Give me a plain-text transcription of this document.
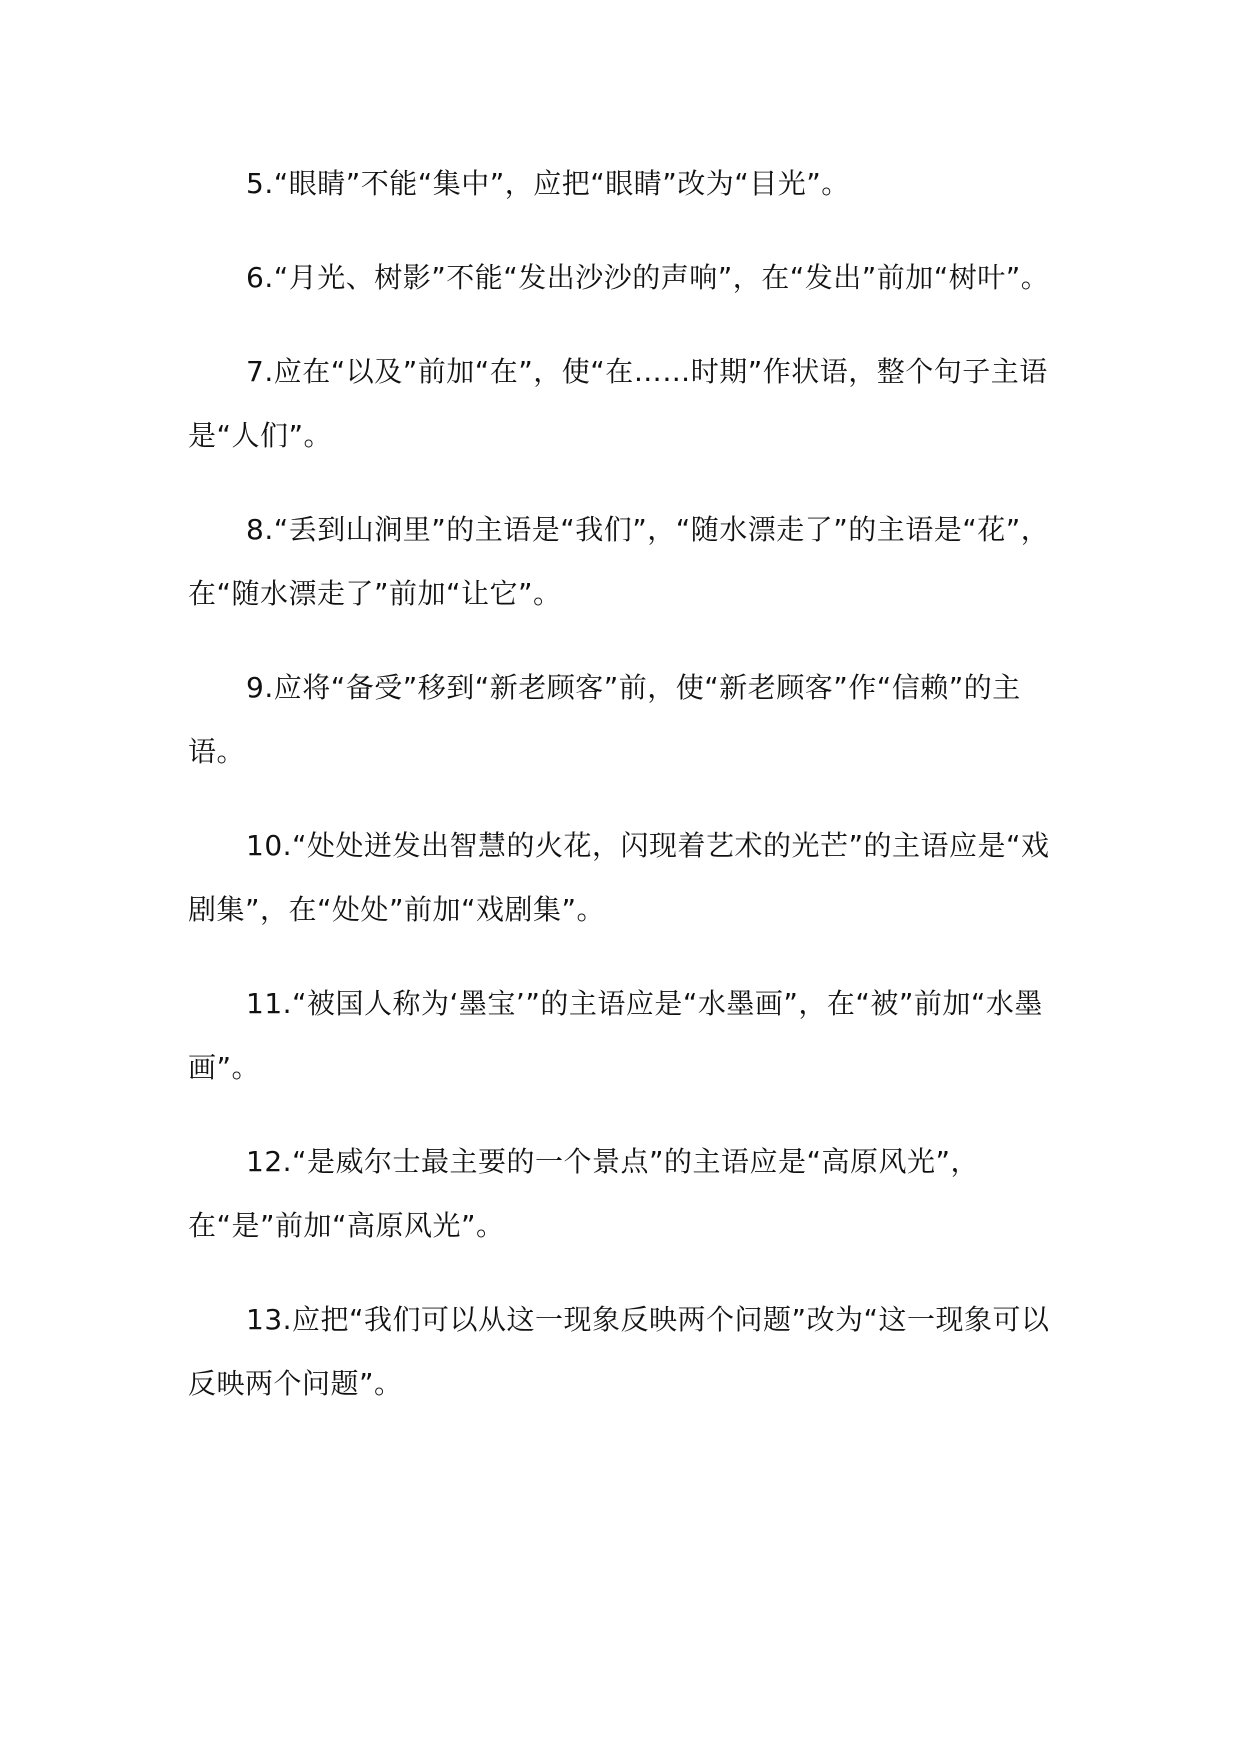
5.“眼睛”不能“集中”，应把“眼睛”改为“目光”。

6.“月光、树影”不能“发出沙沙的声响”，在“发出”前加“树叶”。

7.应在“以及”前加“在”，使“在……时期”作状语，整个句子主语是“人们”。

8.“丢到山涧里”的主语是“我们”，“随水漂走了”的主语是“花”，在“随水漂走了”前加“让它”。

9.应将“备受”移到“新老顾客”前，使“新老顾客”作“信赖”的主语。

10.“处处迸发出智慧的火花，闪现着艺术的光芒”的主语应是“戏剧集”，在“处处”前加“戏剧集”。

11.“被国人称为‘墨宝’”的主语应是“水墨画”，在“被”前加“水墨画”。

12.“是威尔士最主要的一个景点”的主语应是“高原风光”，在“是”前加“高原风光”。

13.应把“我们可以从这一现象反映两个问题”改为“这一现象可以反映两个问题”。
